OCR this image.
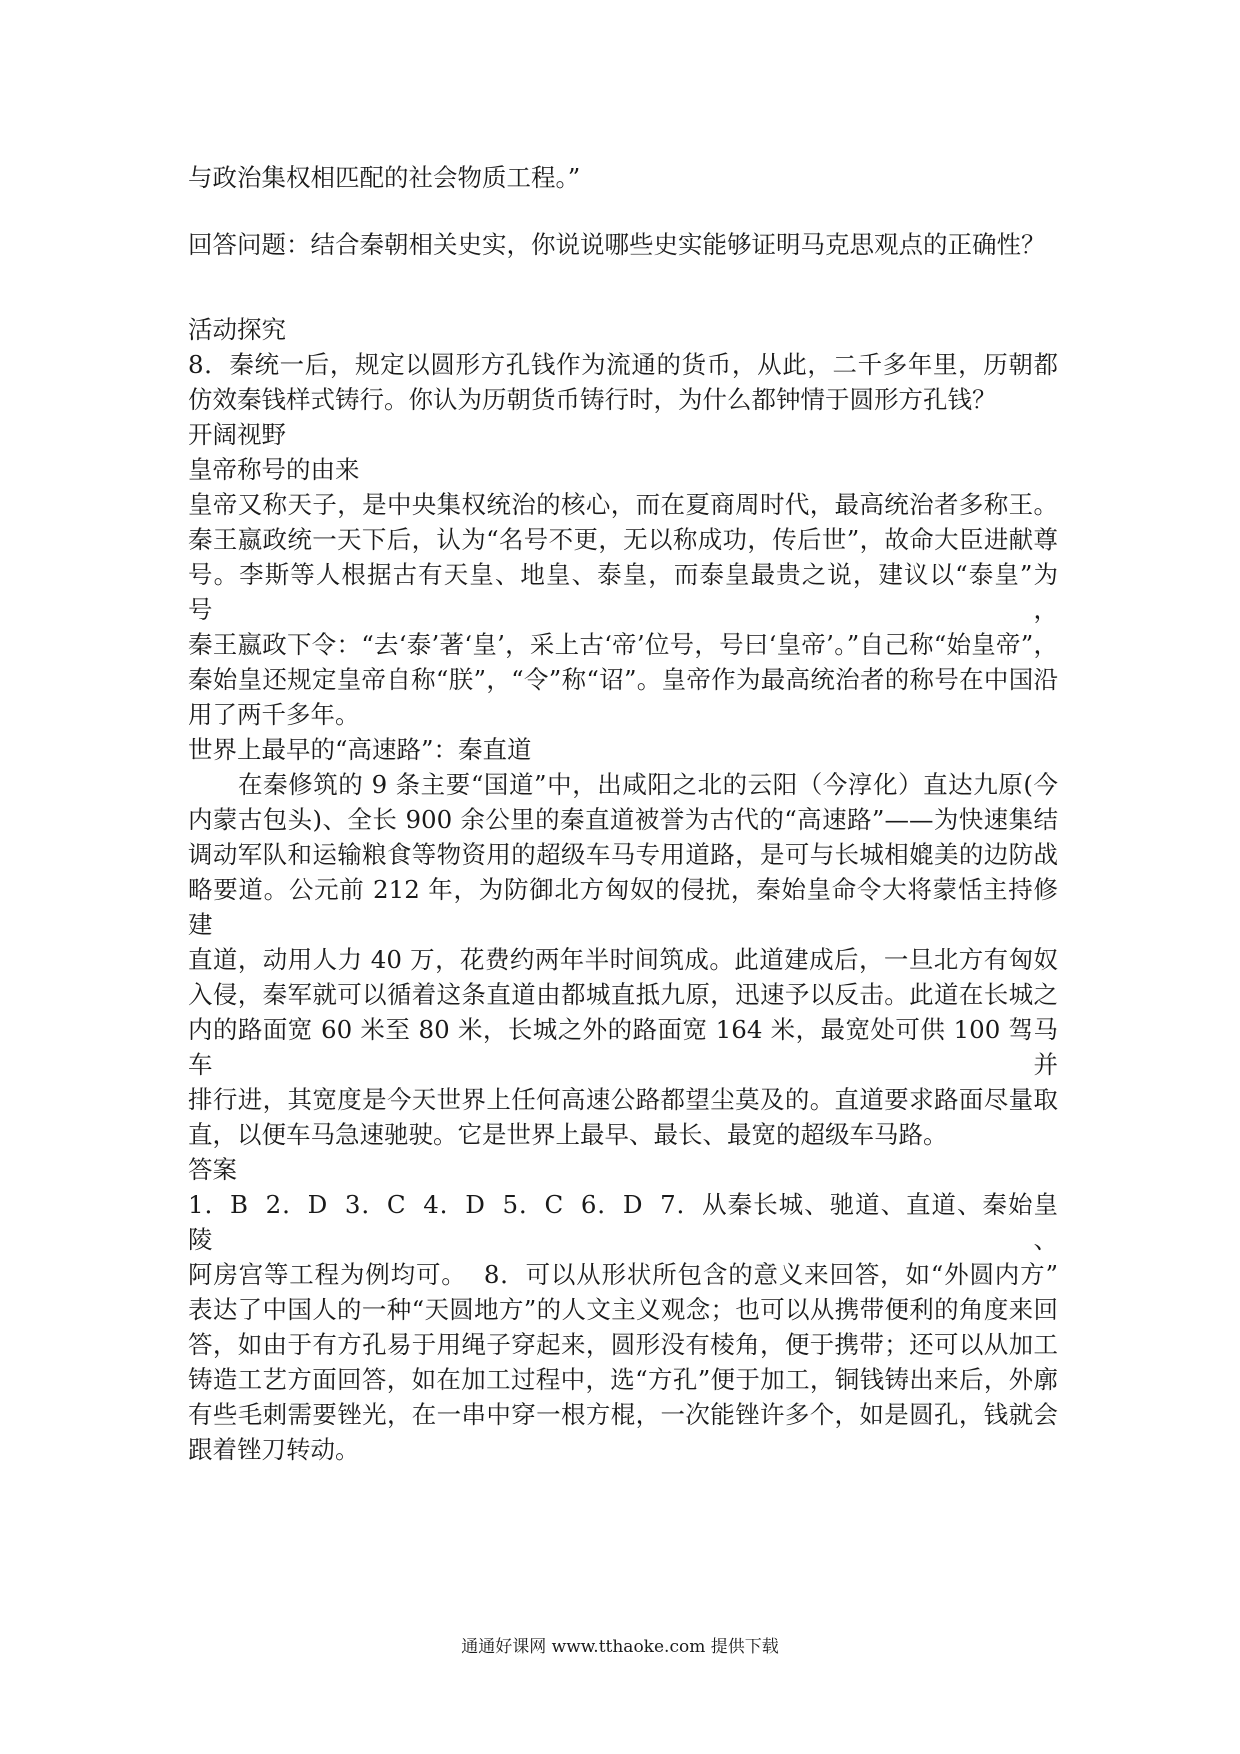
与政治集权相匹配的社会物质工程。”
回答问题：结合秦朝相关史实，你说说哪些史实能够证明马克思观点的正确性？
活动探究
8．秦统一后，规定以圆形方孔钱作为流通的货币，从此，二千多年里，历朝都
仿效秦钱样式铸行。你认为历朝货币铸行时，为什么都钟情于圆形方孔钱？
开阔视野
皇帝称号的由来
皇帝又称天子，是中央集权统治的核心，而在夏商周时代，最高统治者多称王。
秦王嬴政统一天下后，认为“名号不更，无以称成功，传后世”，故命大臣进献尊
号。李斯等人根据古有天皇、地皇、泰皇，而泰皇最贵之说，建议以“泰皇”为号，
秦王嬴政下令：“去‘泰’著‘皇’，采上古‘帝’位号，号曰‘皇帝’。”自己称“始皇帝”，
秦始皇还规定皇帝自称“朕”，“令”称“诏”。皇帝作为最高统治者的称号在中国沿
用了两千多年。
世界上最早的“高速路”：秦直道
在秦修筑的 9 条主要“国道”中，出咸阳之北的云阳（今淳化）直达九原(今
内蒙古包头)、全长 900 余公里的秦直道被誉为古代的“高速路”——为快速集结
调动军队和运输粮食等物资用的超级车马专用道路，是可与长城相媲美的边防战
略要道。公元前 212 年，为防御北方匈奴的侵扰，秦始皇命令大将蒙恬主持修建
直道，动用人力 40 万，花费约两年半时间筑成。此道建成后，一旦北方有匈奴
入侵，秦军就可以循着这条直道由都城直抵九原，迅速予以反击。此道在长城之
内的路面宽 60 米至 80 米，长城之外的路面宽 164 米，最宽处可供 100 驾马车并
排行进，其宽度是今天世界上任何高速公路都望尘莫及的。直道要求路面尽量取
直，以便车马急速驰驶。它是世界上最早、最长、最宽的超级车马路。
答案
1．B  2．D  3．C  4．D  5．C  6．D  7．从秦长城、驰道、直道、秦始皇陵、
阿房宫等工程为例均可。  8．可以从形状所包含的意义来回答，如“外圆内方”
表达了中国人的一种“天圆地方”的人文主义观念；也可以从携带便利的角度来回
答，如由于有方孔易于用绳子穿起来，圆形没有棱角，便于携带；还可以从加工
铸造工艺方面回答，如在加工过程中，选“方孔”便于加工，铜钱铸出来后，外廓
有些毛刺需要锉光，在一串中穿一根方棍，一次能锉许多个，如是圆孔，钱就会
跟着锉刀转动。
通通好课网 www.tthaoke.com 提供下载
